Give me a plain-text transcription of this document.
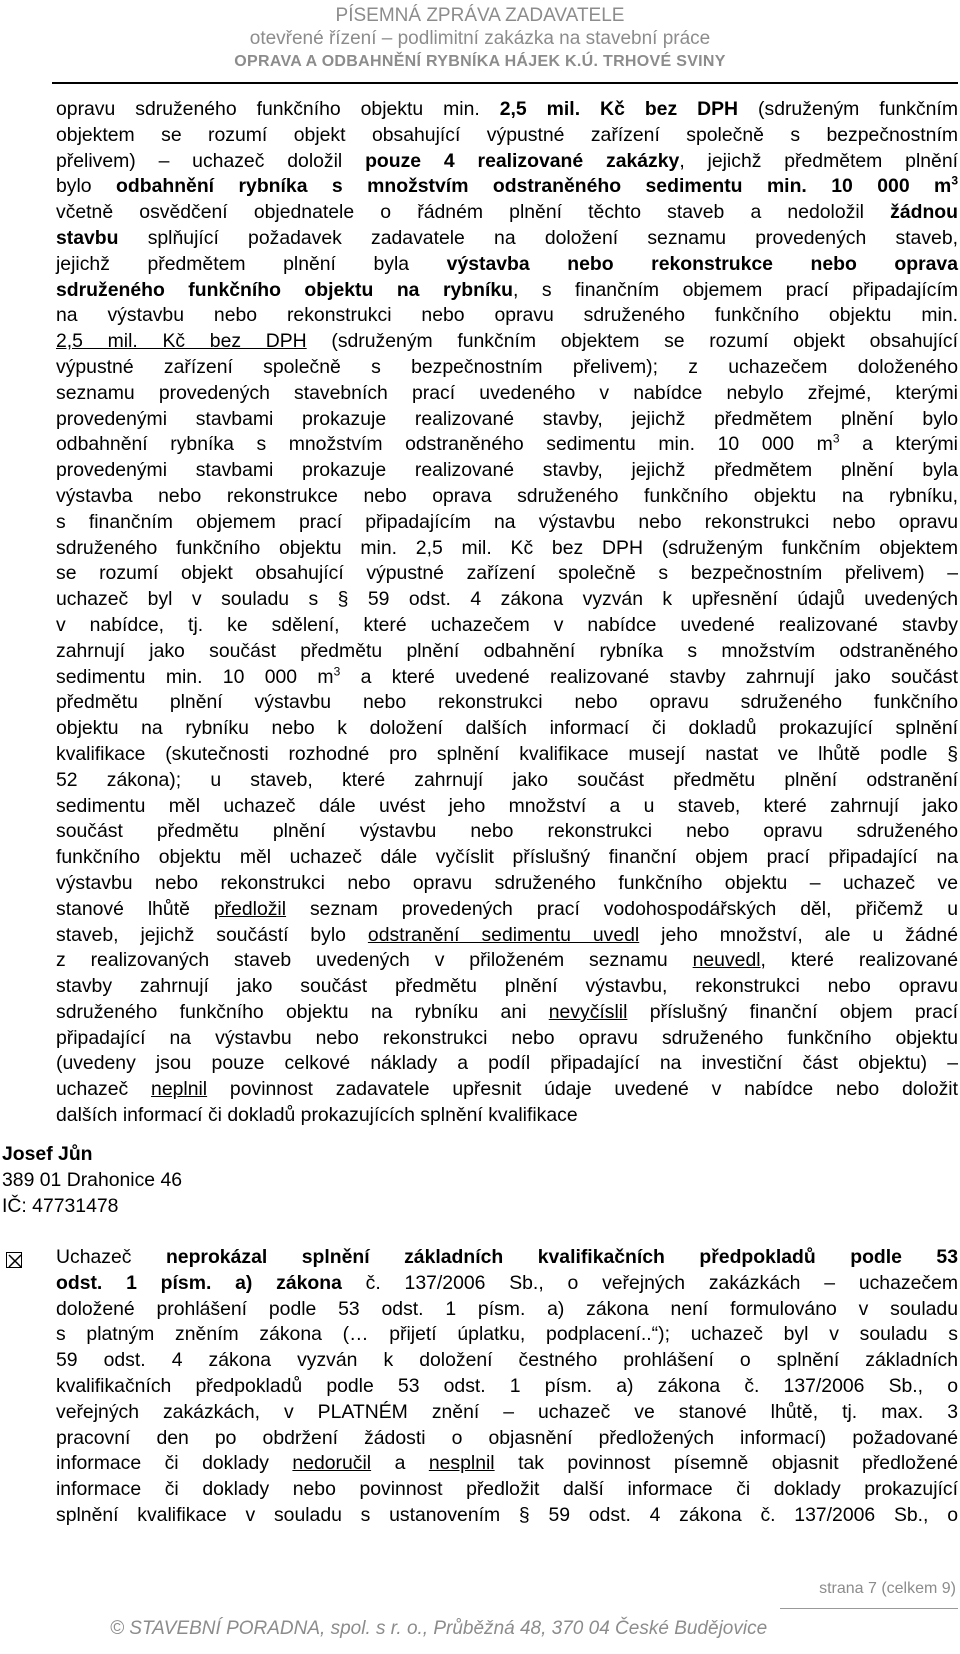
PÍSEMNÁ ZPRÁVA ZADAVATELE
otevřené řízení – podlimitní zakázka na stavební práce
OPRAVA A ODBAHNĚNÍ RYBNÍKA HÁJEK K.Ú. TRHOVÉ SVINY
opravu sdruženého funkčního objektu min. 2,5 mil. Kč bez DPH (sdruženým funkčním
objektem se rozumí objekt obsahující výpustné zařízení společně s bezpečnostním
přelivem) – uchazeč doložil pouze 4 realizované zakázky, jejichž předmětem plnění
bylo odbahnění rybníka s množstvím odstraněného sedimentu min. 10 000 $m^3$
včetně osvědčení objednatele o řádném plnění těchto staveb a nedoložil žádnou
stavbu splňující požadavek zadavatele na doložení seznamu provedených staveb,
jejichž předmětem plnění byla výstavba nebo rekonstrukce nebo oprava
sdruženého funkčního objektu na rybníku, s finančním objemem prací připadajícím
na výstavbu nebo rekonstrukci nebo opravu sdruženého funkčního objektu min.
2,5 mil. Kč bez DPH (sdruženým funkčním objektem se rozumí objekt obsahující
výpustné zařízení společně s bezpečnostním přelivem); z uchazečem doloženého
seznamu provedených stavebních prací uvedeného v nabídce nebylo zřejmé, kterými
provedenými stavbami prokazuje realizované stavby, jejichž předmětem plnění bylo
odbahnění rybníka s množstvím odstraněného sedimentu min. 10 000 $m^3$ a kterými
provedenými stavbami prokazuje realizované stavby, jejichž předmětem plnění byla
výstavba nebo rekonstrukce nebo oprava sdruženého funkčního objektu na rybníku,
s finančním objemem prací připadajícím na výstavbu nebo rekonstrukci nebo opravu
sdruženého funkčního objektu min. 2,5 mil. Kč bez DPH (sdruženým funkčním objektem
se rozumí objekt obsahující výpustné zařízení společně s bezpečnostním přelivem) –
uchazeč byl v souladu s § 59 odst. 4 zákona vyzván k upřesnění údajů uvedených
v nabídce, tj. ke sdělení, které uchazečem v nabídce uvedené realizované stavby
zahrnují jako součást předmětu plnění odbahnění rybníka s množstvím odstraněného
sedimentu min. 10 000 $m^3$ a které uvedené realizované stavby zahrnují jako součást
předmětu plnění výstavbu nebo rekonstrukci nebo opravu sdruženého funkčního
objektu na rybníku nebo k doložení dalších informací či dokladů prokazující splnění
kvalifikace (skutečnosti rozhodné pro splnění kvalifikace musejí nastat ve lhůtě podle §
52 zákona); u staveb, které zahrnují jako součást předmětu plnění odstranění
sedimentu měl uchazeč dále uvést jeho množství a u staveb, které zahrnují jako
součást předmětu plnění výstavbu nebo rekonstrukci nebo opravu sdruženého
funkčního objektu měl uchazeč dále vyčíslit příslušný finanční objem prací připadající na
výstavbu nebo rekonstrukci nebo opravu sdruženého funkčního objektu – uchazeč ve
stanové lhůtě předložil seznam provedených prací vodohospodářských děl, přičemž u
staveb, jejichž součástí bylo odstranění sedimentu uvedl jeho množství, ale u žádné
z realizovaných staveb uvedených v přiloženém seznamu neuvedl, které realizované
stavby zahrnují jako součást předmětu plnění výstavbu, rekonstrukci nebo opravu
sdruženého funkčního objektu na rybníku ani nevyčíslil příslušný finanční objem prací
připadající na výstavbu nebo rekonstrukci nebo opravu sdruženého funkčního objektu
(uvedeny jsou pouze celkové náklady a podíl připadající na investiční část objektu) –
uchazeč neplnil povinnost zadavatele upřesnit údaje uvedené v nabídce nebo doložit
dalších informací či dokladů prokazujících splnění kvalifikace
Josef Jůn
389 01 Drahonice 46
IČ: 47731478
Uchazeč neprokázal splnění základních kvalifikačních předpokladů podle 53
odst. 1 písm. a) zákona č. 137/2006 Sb., o veřejných zakázkách – uchazečem
doložené prohlášení podle 53 odst. 1 písm. a) zákona není formulováno v souladu
s platným zněním zákona (… přijetí úplatku, podplacení..“); uchazeč byl v souladu s
59 odst. 4 zákona vyzván k doložení čestného prohlášení o splnění základních
kvalifikačních předpokladů podle 53 odst. 1 písm. a) zákona č. 137/2006 Sb., o
veřejných zakázkách, v PLATNÉM znění – uchazeč ve stanové lhůtě, tj. max. 3
pracovní den po obdržení žádosti o objasnění předložených informací) požadované
informace či doklady nedoručil a nesplnil tak povinnost písemně objasnit předložené
informace či doklady nebo povinnost předložit další informace či doklady prokazující
splnění kvalifikace v souladu s ustanovením § 59 odst. 4 zákona č. 137/2006 Sb., o
strana 7 (celkem 9)
© STAVEBNÍ PORADNA, spol. s r. o., Průběžná 48, 370 04 České Budějovice
